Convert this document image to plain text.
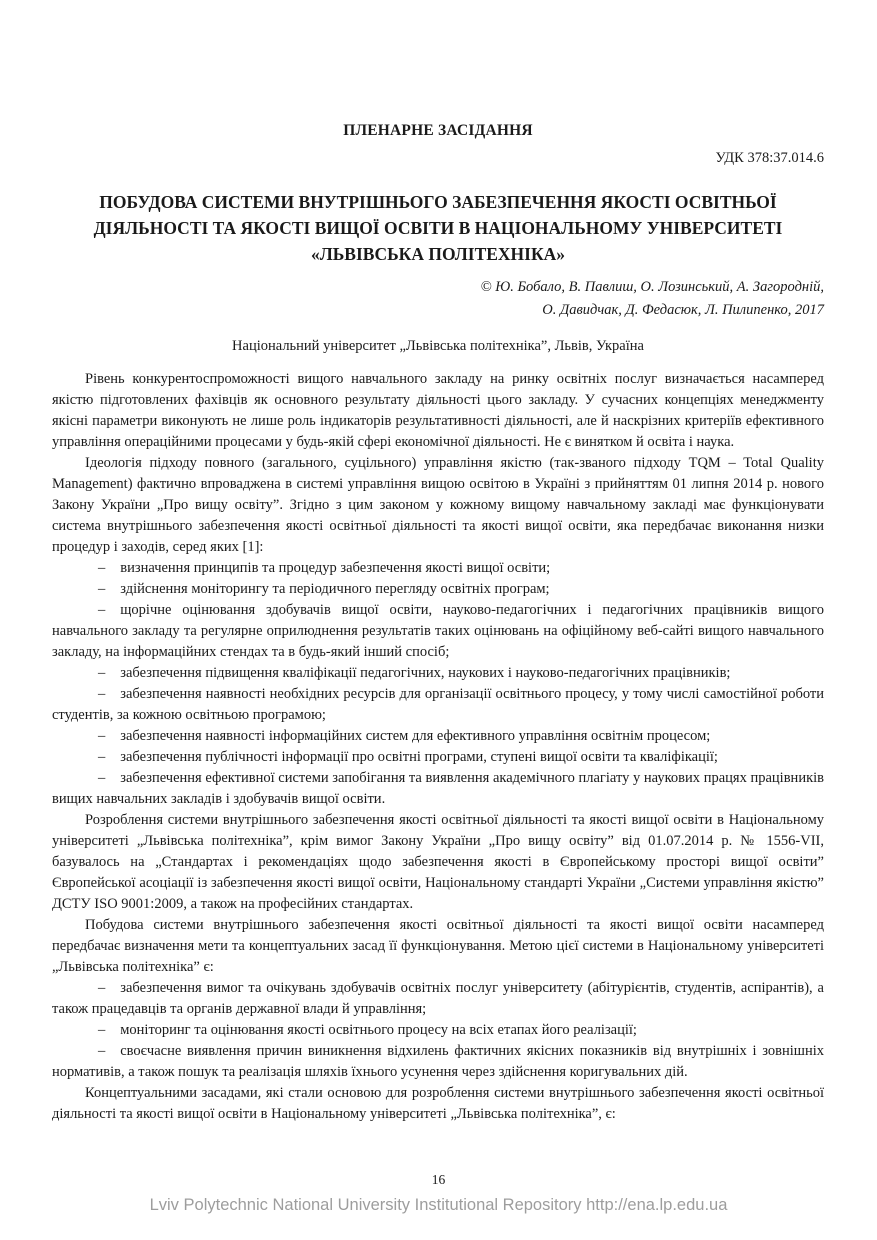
ПЛЕНАРНЕ ЗАСІДАННЯ
УДК 378:37.014.6
ПОБУДОВА СИСТЕМИ ВНУТРІШНЬОГО ЗАБЕЗПЕЧЕННЯ ЯКОСТІ ОСВІТНЬОЇ
ДІЯЛЬНОСТІ ТА ЯКОСТІ ВИЩОЇ ОСВІТИ В НАЦІОНАЛЬНОМУ УНІВЕРСИТЕТІ
«ЛЬВІВСЬКА ПОЛІТЕХНІКА»
© Ю. Бобало, В. Павлиш, О. Лозинський, А. Загородній,
О. Давидчак, Д. Федасюк, Л. Пилипенко, 2017
Національний університет „Львівська політехніка”, Львів, Україна

Рівень конкурентоспроможності вищого навчального закладу на ринку освітніх послуг визначається насамперед якістю підготовлених фахівців як основного результату діяльності цього закладу. У сучасних концепціях менеджменту якісні параметри виконують не лише роль індикаторів результативності діяльності, але й наскрізних критеріїв ефективного управління операційними процесами у будь-якій сфері економічної діяльності. Не є винятком й освіта і наука.

Ідеологія підходу повного (загального, суцільного) управління якістю (так-званого підходу TQM – Total Quality Management) фактично впроваджена в системі управління вищою освітою в Україні з прийняттям 01 липня 2014 р. нового Закону України „Про вищу освіту”. Згідно з цим законом у кожному вищому навчальному закладі має функціонувати система внутрішнього забезпечення якості освітньої діяльності та якості вищої освіти, яка передбачає виконання низки процедур і заходів, серед яких [1]:

– визначення принципів та процедур забезпечення якості вищої освіти;

– здійснення моніторингу та періодичного перегляду освітніх програм;

– щорічне оцінювання здобувачів вищої освіти, науково-педагогічних і педагогічних працівників вищого навчального закладу та регулярне оприлюднення результатів таких оцінювань на офіційному веб-сайті вищого навчального закладу, на інформаційних стендах та в будь-який інший спосіб;

– забезпечення підвищення кваліфікації педагогічних, наукових і науково-педагогічних працівників;

– забезпечення наявності необхідних ресурсів для організації освітнього процесу, у тому числі самостійної роботи студентів, за кожною освітньою програмою;

– забезпечення наявності інформаційних систем для ефективного управління освітнім процесом;

– забезпечення публічності інформації про освітні програми, ступені вищої освіти та кваліфікації;

– забезпечення ефективної системи запобігання та виявлення академічного плагіату у наукових працях працівників вищих навчальних закладів і здобувачів вищої освіти.

Розроблення системи внутрішнього забезпечення якості освітньої діяльності та якості вищої освіти в Національному університеті „Львівська політехніка”, крім вимог Закону України „Про вищу освіту” від 01.07.2014 р. № 1556-VII, базувалось на „Стандартах і рекомендаціях щодо забезпечення якості в Європейському просторі вищої освіти” Європейської асоціації із забезпечення якості вищої освіти, Національному стандарті України „Системи управління якістю” ДСТУ ISO 9001:2009, а також на професійних стандартах.

Побудова системи внутрішнього забезпечення якості освітньої діяльності та якості вищої освіти насамперед передбачає визначення мети та концептуальних засад її функціонування. Метою цієї системи в Національному університеті „Львівська політехніка” є:

– забезпечення вимог та очікувань здобувачів освітніх послуг університету (абітурієнтів, студентів, аспірантів), а також працедавців та органів державної влади й управління;

– моніторинг та оцінювання якості освітнього процесу на всіх етапах його реалізації;

– своєчасне виявлення причин виникнення відхилень фактичних якісних показників від внутрішніх і зовнішніх нормативів, а також пошук та реалізація шляхів їхнього усунення через здійснення коригувальних дій.

Концептуальними засадами, які стали основою для розроблення системи внутрішнього забезпечення якості освітньої діяльності та якості вищої освіти в Національному університеті „Львівська політехніка”, є:

16
Lviv Polytechnic National University Institutional Repository http://ena.lp.edu.ua
